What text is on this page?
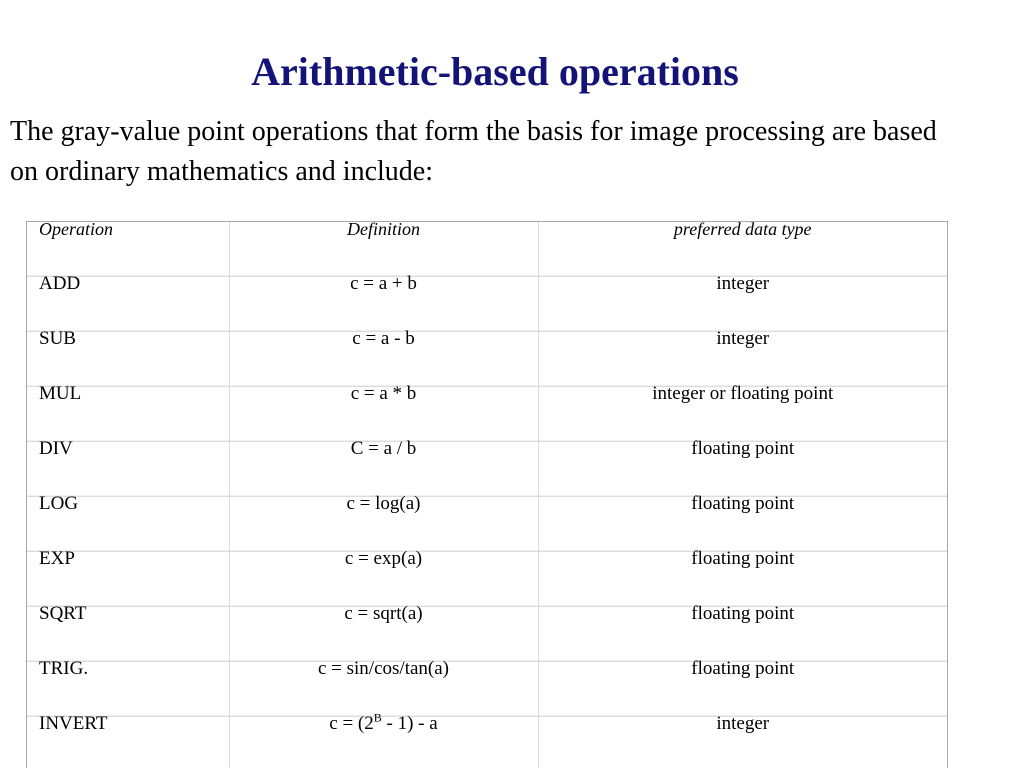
Arithmetic-based operations

The gray-value point operations that form the basis for image processing are based on ordinary mathematics and include:

Operation	Definition	preferred data type

ADD	c = a + b	integer

SUB	c = a - b	integer

MUL	c = a * b	integer or floating point

DIV	C = a / b	floating point

LOG	c = log(a)	floating point

EXP	c = exp(a)	floating point

SQRT	c = sqrt(a)	floating point

TRIG.	c = sin/cos/tan(a)	floating point

INVERT	$c = (2^B - 1) - a$	integer
